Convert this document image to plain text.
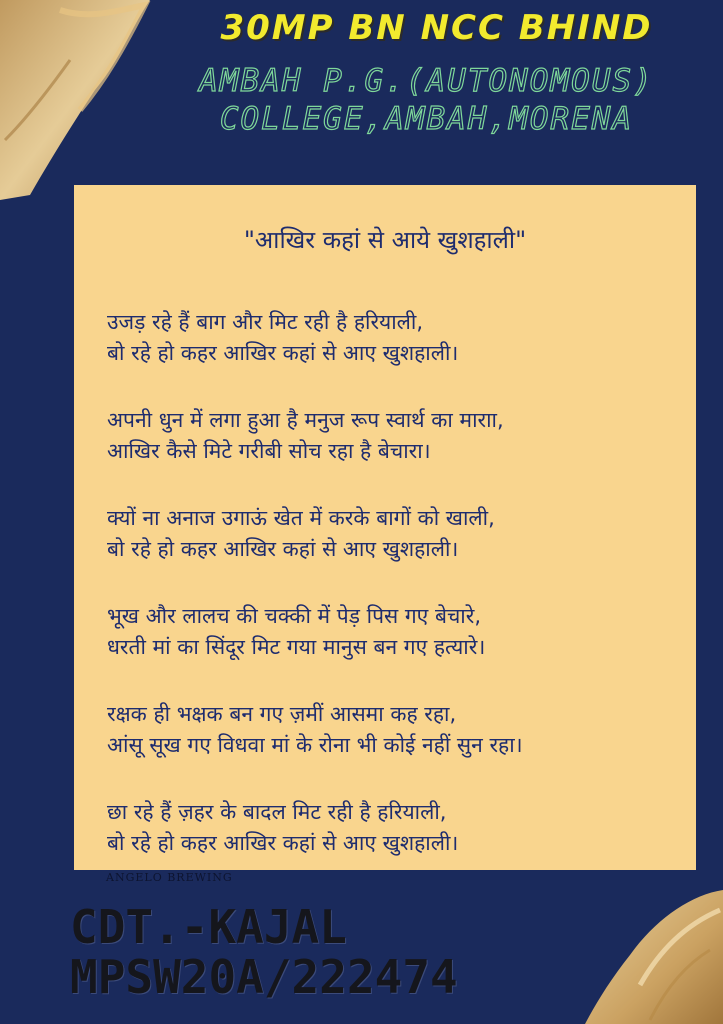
30MP BN NCC BHIND
AMBAH P.G.(AUTONOMOUS)
COLLEGE,AMBAH,MORENA
"आखिर कहां से आये खुशहाली"
उजड़ रहे हैं बाग और मिट रही है हरियाली,
बो रहे हो कहर आखिर कहां से आए खुशहाली।
अपनी धुन में लगा हुआ है मनुज रूप स्वार्थ का माराा,
आखिर कैसे मिटे गरीबी सोच रहा है बेचारा।
क्यों ना अनाज उगाऊं खेत में करके बागों को खाली,
बो रहे हो कहर आखिर कहां से आए खुशहाली।
भूख और लालच की चक्की में पेड़ पिस गए बेचारे,
धरती मां का सिंदूर मिट गया मानुस बन गए हत्यारे।
रक्षक ही भक्षक बन गए ज़मीं आसमा कह रहा,
आंसू सूख गए विधवा मां के रोना भी कोई नहीं सुन रहा।
छा रहे हैं ज़हर के बादल मिट रही है हरियाली,
बो रहे हो कहर आखिर कहां से आए खुशहाली।
ANGELO BREWING
CDT.-KAJAL
MPSW20A/222474
